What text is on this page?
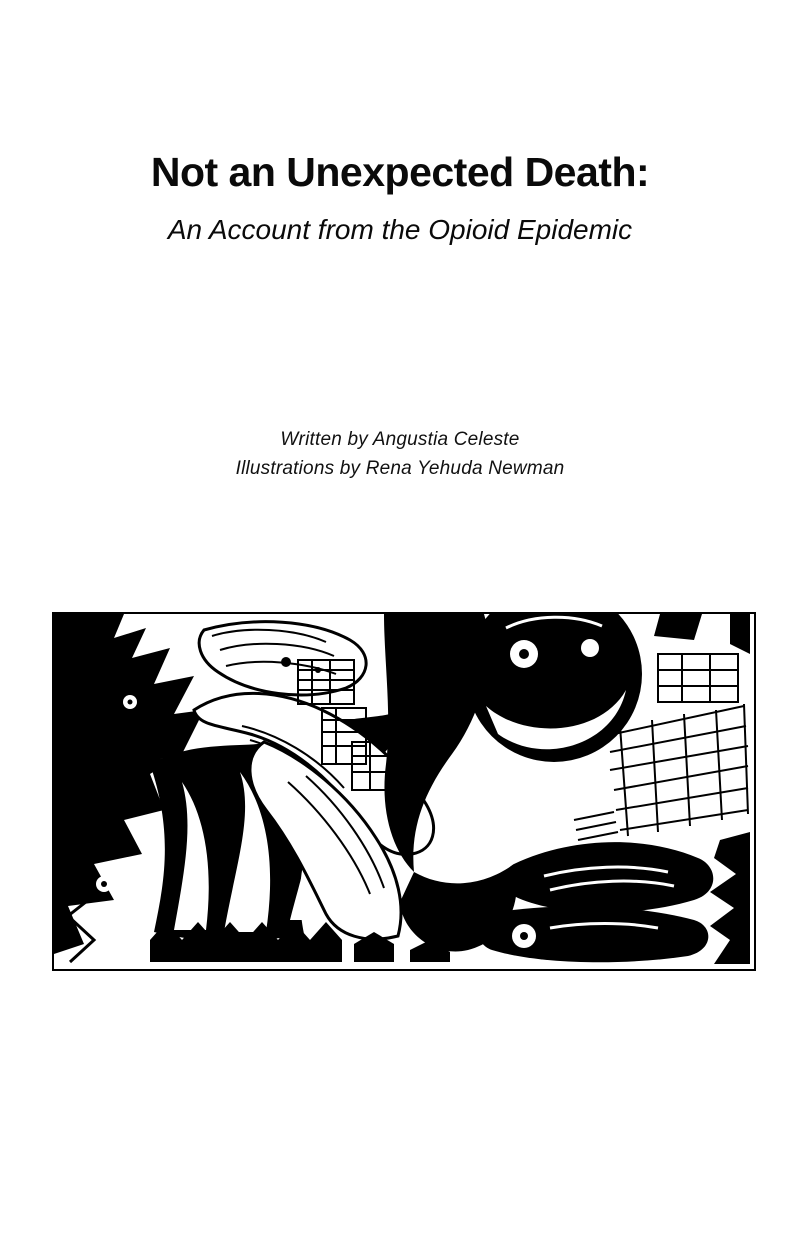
Not an Unexpected Death:
An Account from the Opioid Epidemic
Written by Angustia Celeste
Illustrations by Rena Yehuda Newman
